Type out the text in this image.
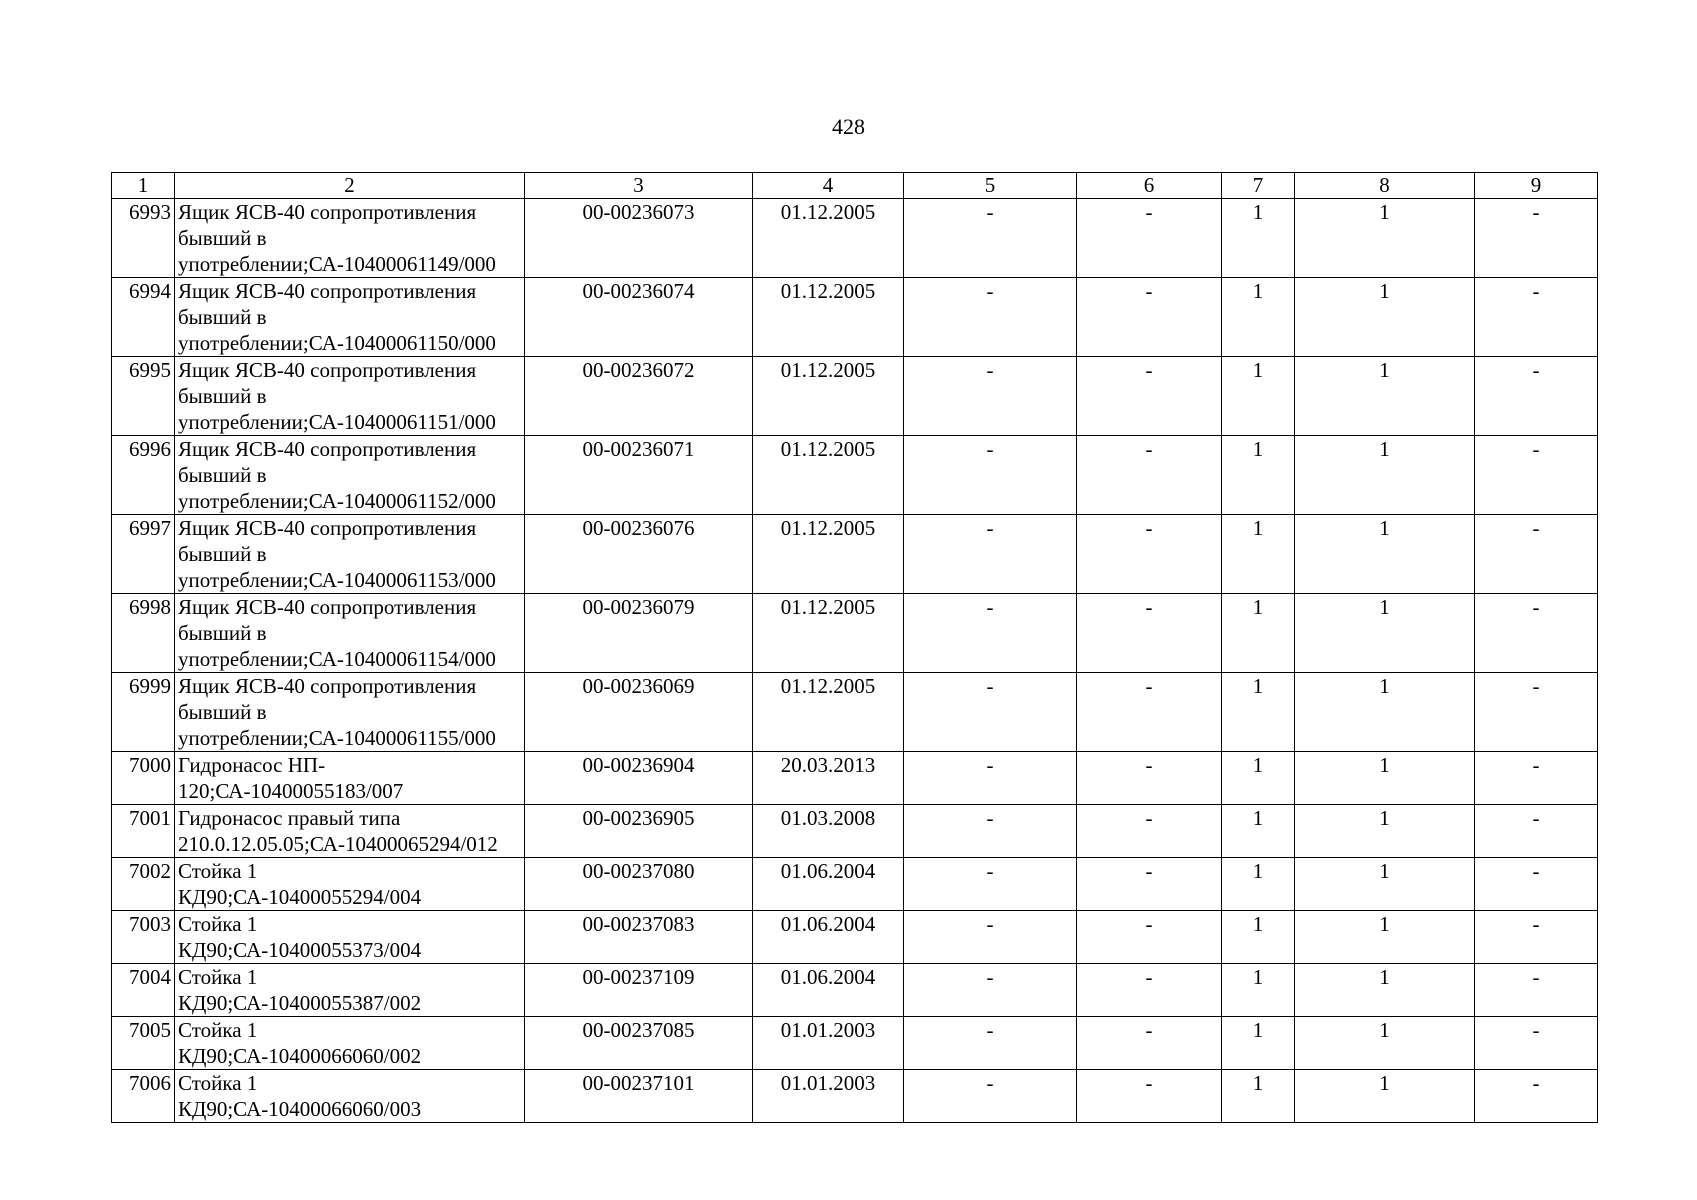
428
1	2	3	4	5	6	7	8	9
6993	Ящик ЯСВ-40 сопропротивления
бывший в
употреблении;СА-10400061149/000	00-00236073	01.12.2005	-	-	1	1	-
6994	Ящик ЯСВ-40 сопропротивления
бывший в
употреблении;СА-10400061150/000	00-00236074	01.12.2005	-	-	1	1	-
6995	Ящик ЯСВ-40 сопропротивления
бывший в
употреблении;СА-10400061151/000	00-00236072	01.12.2005	-	-	1	1	-
6996	Ящик ЯСВ-40 сопропротивления
бывший в
употреблении;СА-10400061152/000	00-00236071	01.12.2005	-	-	1	1	-
6997	Ящик ЯСВ-40 сопропротивления
бывший в
употреблении;СА-10400061153/000	00-00236076	01.12.2005	-	-	1	1	-
6998	Ящик ЯСВ-40 сопропротивления
бывший в
употреблении;СА-10400061154/000	00-00236079	01.12.2005	-	-	1	1	-
6999	Ящик ЯСВ-40 сопропротивления
бывший в
употреблении;СА-10400061155/000	00-00236069	01.12.2005	-	-	1	1	-
7000	Гидронасос НП-
120;СА-10400055183/007	00-00236904	20.03.2013	-	-	1	1	-
7001	Гидронасос правый типа
210.0.12.05.05;СА-10400065294/012	00-00236905	01.03.2008	-	-	1	1	-
7002	Стойка 1
КД90;СА-10400055294/004	00-00237080	01.06.2004	-	-	1	1	-
7003	Стойка 1
КД90;СА-10400055373/004	00-00237083	01.06.2004	-	-	1	1	-
7004	Стойка 1
КД90;СА-10400055387/002	00-00237109	01.06.2004	-	-	1	1	-
7005	Стойка 1
КД90;СА-10400066060/002	00-00237085	01.01.2003	-	-	1	1	-
7006	Стойка 1
КД90;СА-10400066060/003	00-00237101	01.01.2003	-	-	1	1	-
